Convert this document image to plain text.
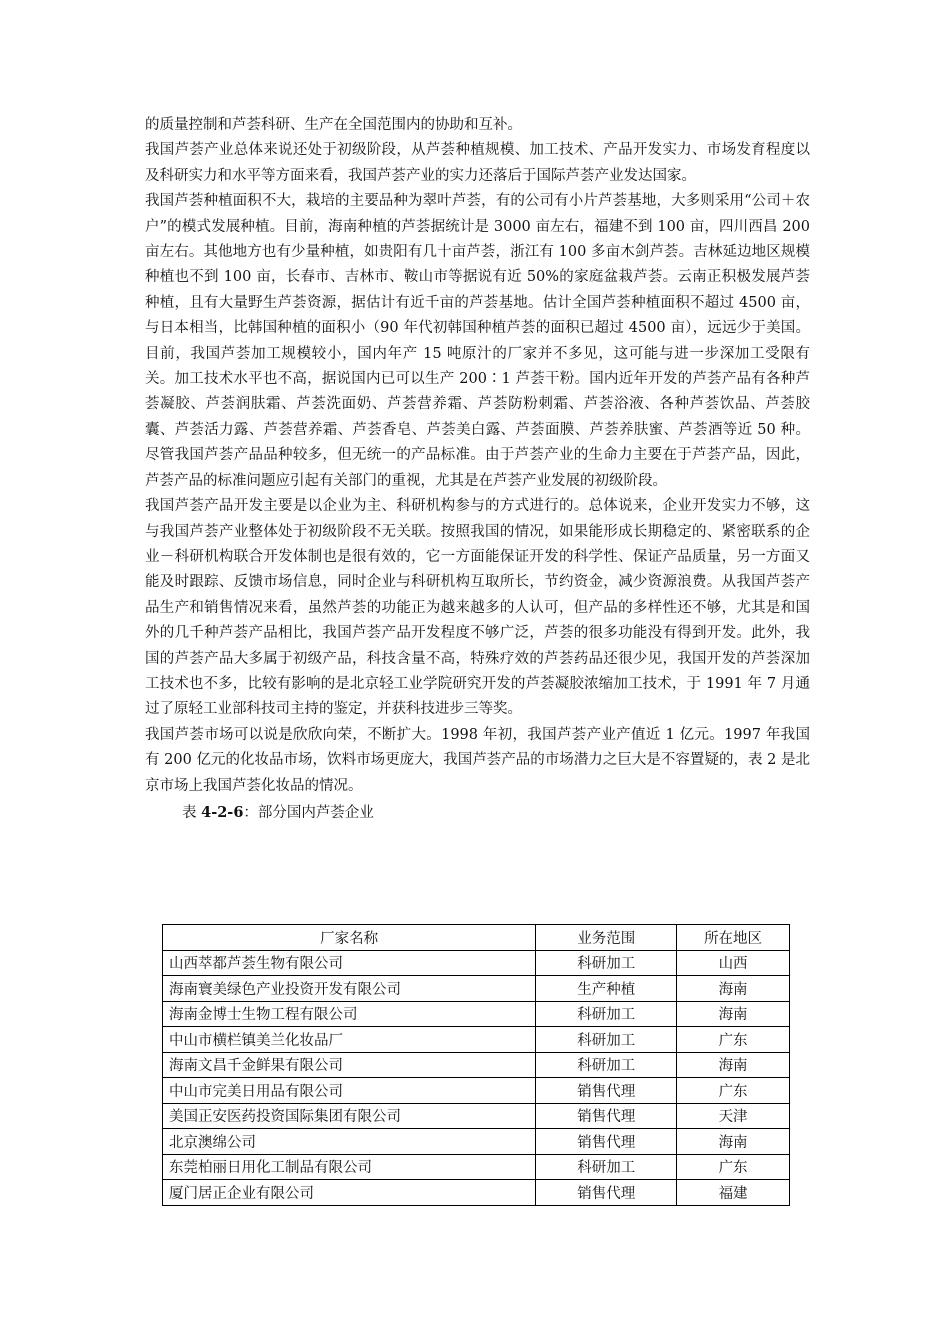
的质量控制和芦荟科研、生产在全国范围内的协助和互补。

我国芦荟产业总体来说还处于初级阶段，从芦荟种植规模、加工技术、产品开发实力、市场发育程度以及科研实力和水平等方面来看，我国芦荟产业的实力还落后于国际芦荟产业发达国家。

我国芦荟种植面积不大，栽培的主要品种为翠叶芦荟，有的公司有小片芦荟基地，大多则采用“公司＋农户”的模式发展种植。目前，海南种植的芦荟据统计是 3000 亩左右，福建不到 100 亩，四川西昌 200 亩左右。其他地方也有少量种植，如贵阳有几十亩芦荟，浙江有 100 多亩木剑芦荟。吉林延边地区规模种植也不到 100 亩，长春市、吉林市、鞍山市等据说有近 50%的家庭盆栽芦荟。云南正积极发展芦荟种植，且有大量野生芦荟资源，据估计有近千亩的芦荟基地。估计全国芦荟种植面积不超过 4500 亩，与日本相当，比韩国种植的面积小（90 年代初韩国种植芦荟的面积已超过 4500 亩），远远少于美国。目前，我国芦荟加工规模较小，国内年产 15 吨原汁的厂家并不多见，这可能与进一步深加工受限有关。加工技术水平也不高，据说国内已可以生产 200∶1 芦荟干粉。国内近年开发的芦荟产品有各种芦荟凝胶、芦荟润肤霜、芦荟洗面奶、芦荟营养霜、芦荟防粉刺霜、芦荟浴液、各种芦荟饮品、芦荟胶囊、芦荟活力露、芦荟营养霜、芦荟香皂、芦荟美白露、芦荟面膜、芦荟养肤蜜、芦荟酒等近 50 种。尽管我国芦荟产品品种较多，但无统一的产品标准。由于芦荟产业的生命力主要在于芦荟产品，因此，芦荟产品的标准问题应引起有关部门的重视，尤其是在芦荟产业发展的初级阶段。

我国芦荟产品开发主要是以企业为主、科研机构参与的方式进行的。总体说来，企业开发实力不够，这与我国芦荟产业整体处于初级阶段不无关联。按照我国的情况，如果能形成长期稳定的、紧密联系的企业－科研机构联合开发体制也是很有效的，它一方面能保证开发的科学性、保证产品质量，另一方面又能及时跟踪、反馈市场信息，同时企业与科研机构互取所长，节约资金，减少资源浪费。从我国芦荟产品生产和销售情况来看，虽然芦荟的功能正为越来越多的人认可，但产品的多样性还不够，尤其是和国外的几千种芦荟产品相比，我国芦荟产品开发程度不够广泛，芦荟的很多功能没有得到开发。此外，我国的芦荟产品大多属于初级产品，科技含量不高，特殊疗效的芦荟药品还很少见，我国开发的芦荟深加工技术也不多，比较有影响的是北京轻工业学院研究开发的芦荟凝胶浓缩加工技术，于 1991 年 7 月通过了原轻工业部科技司主持的鉴定，并获科技进步三等奖。

我国芦荟市场可以说是欣欣向荣，不断扩大。1998 年初，我国芦荟产业产值近 1 亿元。1997 年我国有 200 亿元的化妆品市场，饮料市场更庞大，我国芦荟产品的市场潜力之巨大是不容置疑的，表 2 是北京市场上我国芦荟化妆品的情况。

表 4-2-6：部分国内芦荟企业

厂家名称	业务范围	所在地区
山西萃都芦荟生物有限公司	科研加工	山西
海南寰美绿色产业投资开发有限公司	生产种植	海南
海南金博士生物工程有限公司	科研加工	海南
中山市横栏镇美兰化妆品厂	科研加工	广东
海南文昌千金鲜果有限公司	科研加工	海南
中山市完美日用品有限公司	销售代理	广东
美国正安医药投资国际集团有限公司	销售代理	天津
北京澳绵公司	销售代理	海南
东莞柏丽日用化工制品有限公司	科研加工	广东
厦门居正企业有限公司	销售代理	福建
